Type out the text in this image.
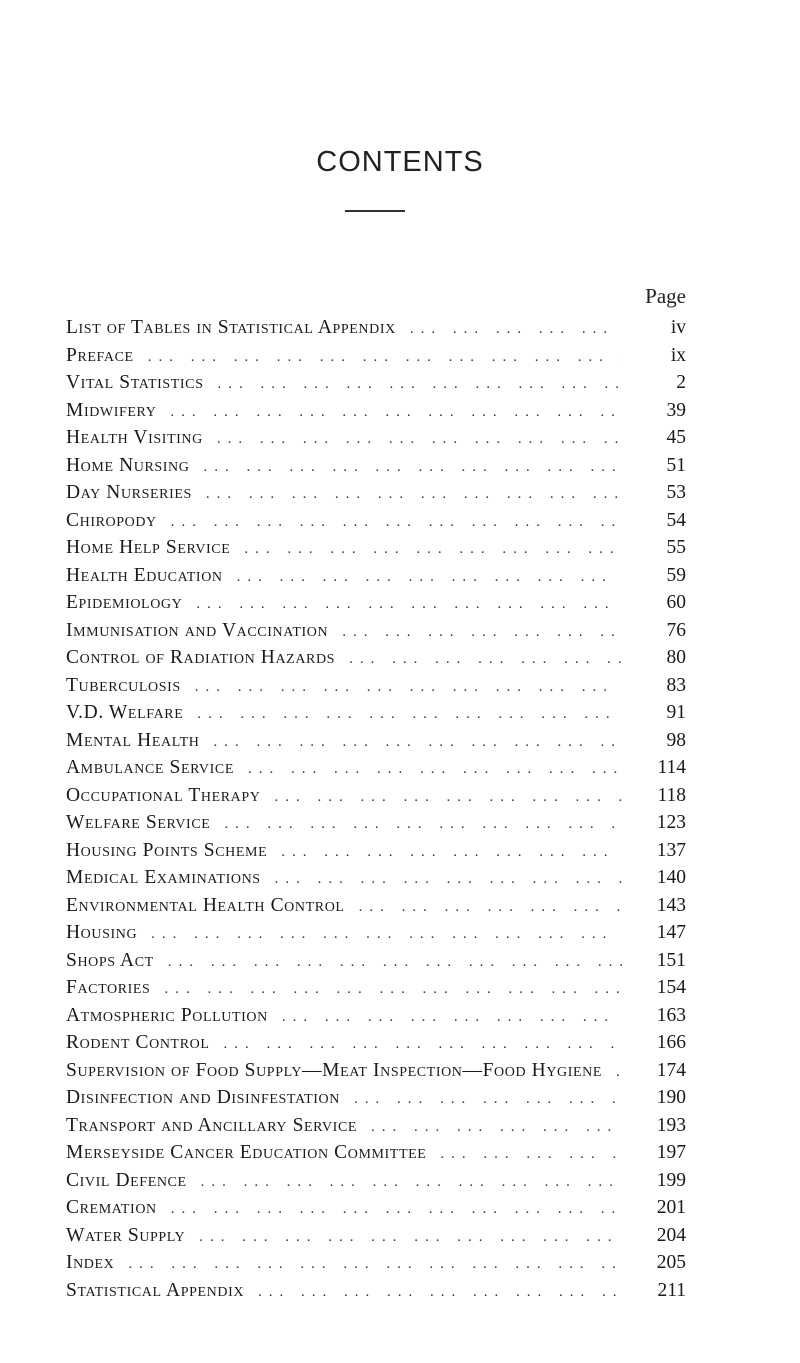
CONTENTS
Page
List of Tables in Statistical Appendix ... .	iv
Preface ... .	ix
Vital Statistics ... .	2
Midwifery ... .	39
Health Visiting ... .	45
Home Nursing ... .	51
Day Nurseries ... .	53
Chiropody ... .	54
Home Help Service ... .	55
Health Education ... .	59
Epidemiology ... .	60
Immunisation and Vaccination ... .	76
Control of Radiation Hazards ... .	80
Tuberculosis ... .	83
V.D. Welfare ... .	91
Mental Health ... .	98
Ambulance Service ... .	114
Occupational Therapy ... .	118
Welfare Service ... .	123
Housing Points Scheme ... .	137
Medical Examinations ... .	140
Environmental Health Control ... .	143
Housing ... .	147
Shops Act ... .	151
Factories ... .	154
Atmospheric Pollution ... .	163
Rodent Control ... .	166
Supervision of Food Supply—Meat Inspection—Food Hygiene ... .	174
Disinfection and Disinfestation ... .	190
Transport and Ancillary Service ... .	193
Merseyside Cancer Education Committee ... .	197
Civil Defence ... .	199
Cremation ... .	201
Water Supply ... .	204
Index ... .	205
Statistical Appendix ... .	211
